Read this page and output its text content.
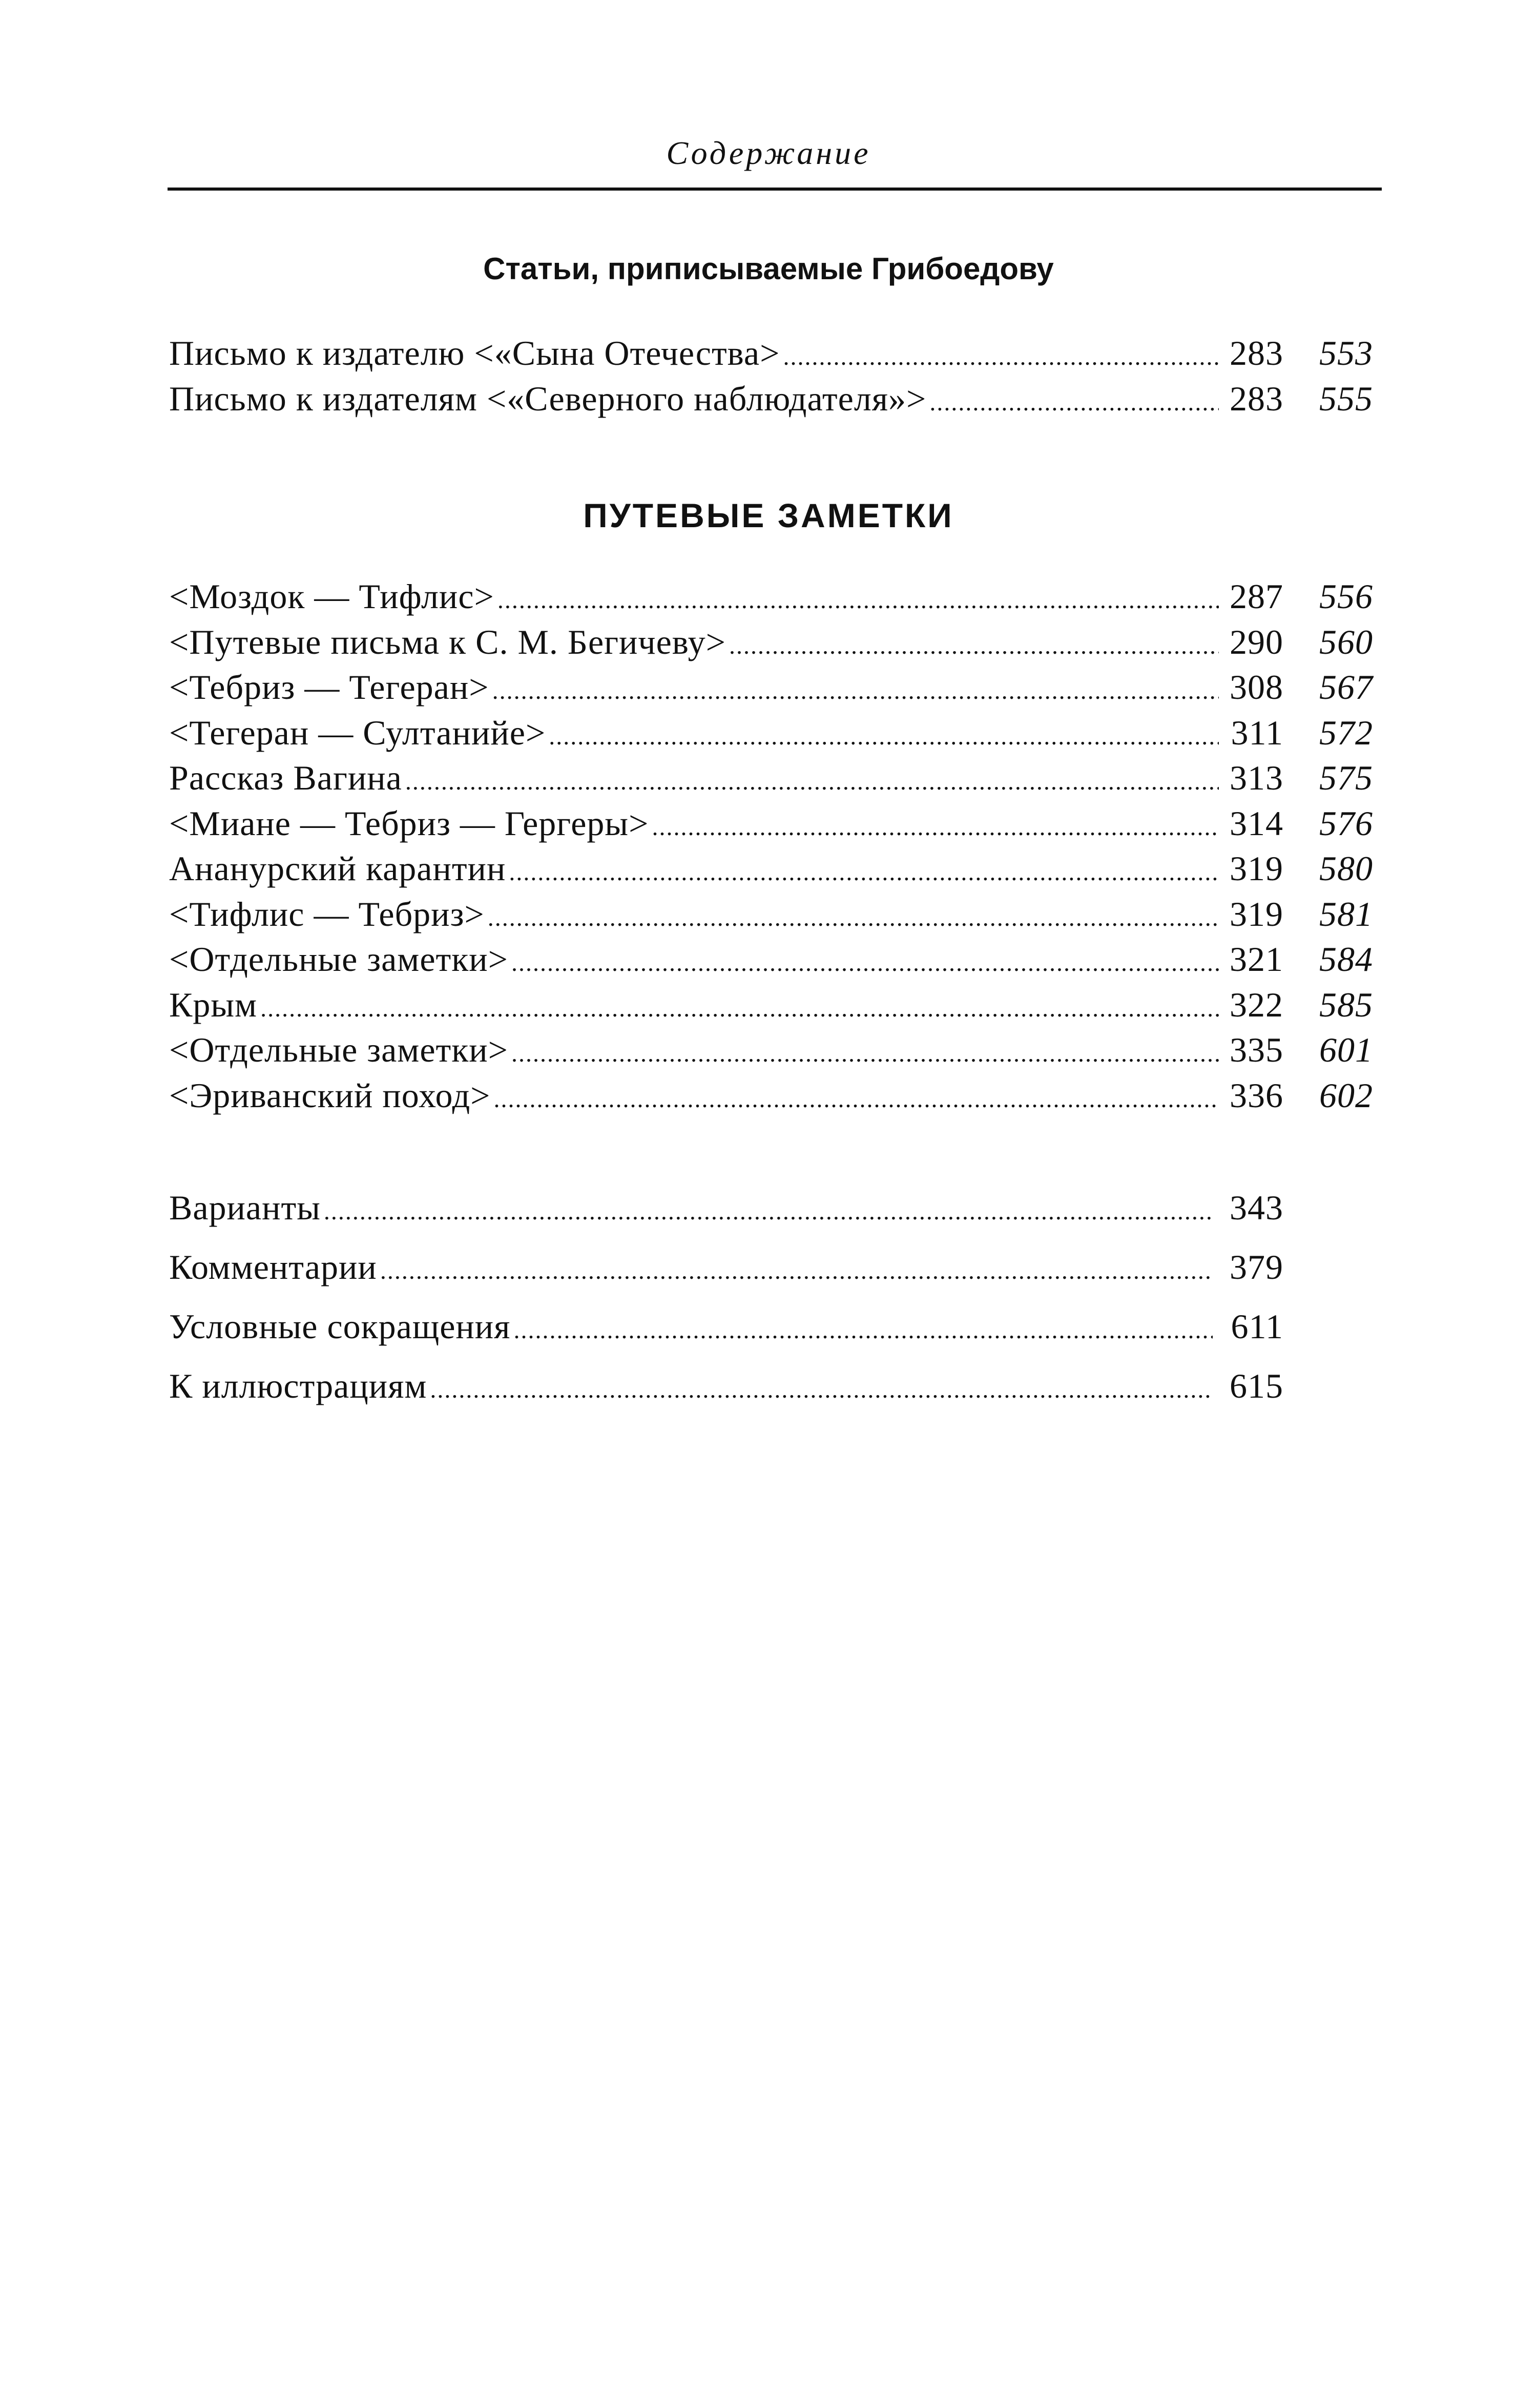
Содержание
Статьи, приписываемые Грибоедову
Письмо к издателю <«Сына Отечества> .....	283	553
Письмо к издателям <«Северного наблюдателя»> .....	283	555
ПУТЕВЫЕ ЗАМЕТКИ
<Моздок — Тифлис> .....	287	556
<Путевые письма к С. М. Бегичеву> .....	290	560
<Тебриз — Тегеран> .....	308	567
<Тегеран — Султанийе> .....	311	572
Рассказ Вагина .....	313	575
<Миане — Тебриз — Гергеры> .....	314	576
Ананурский карантин .....	319	580
<Тифлис — Тебриз> .....	319	581
<Отдельные заметки> .....	321	584
Крым .....	322	585
<Отдельные заметки> .....	335	601
<Эриванский поход> .....	336	602
Варианты .....	343
Комментарии .....	379
Условные сокращения .....	611
К иллюстрациям .....	615
